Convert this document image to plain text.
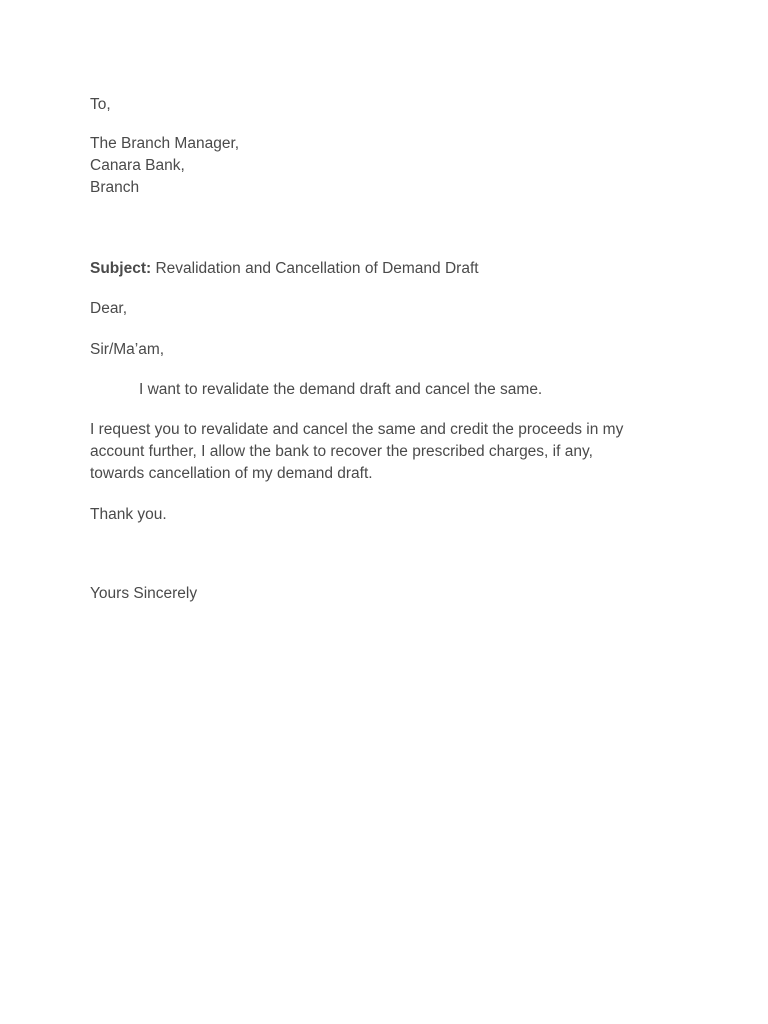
To,

The Branch Manager,
Canara Bank,
Branch

Subject: Revalidation and Cancellation of Demand Draft

Dear,

Sir/Ma’am,

I want to revalidate the demand draft and cancel the same.

I request you to revalidate and cancel the same and credit the proceeds in my
account further, I allow the bank to recover the prescribed charges, if any,
towards cancellation of my demand draft.

Thank you.

Yours Sincerely
